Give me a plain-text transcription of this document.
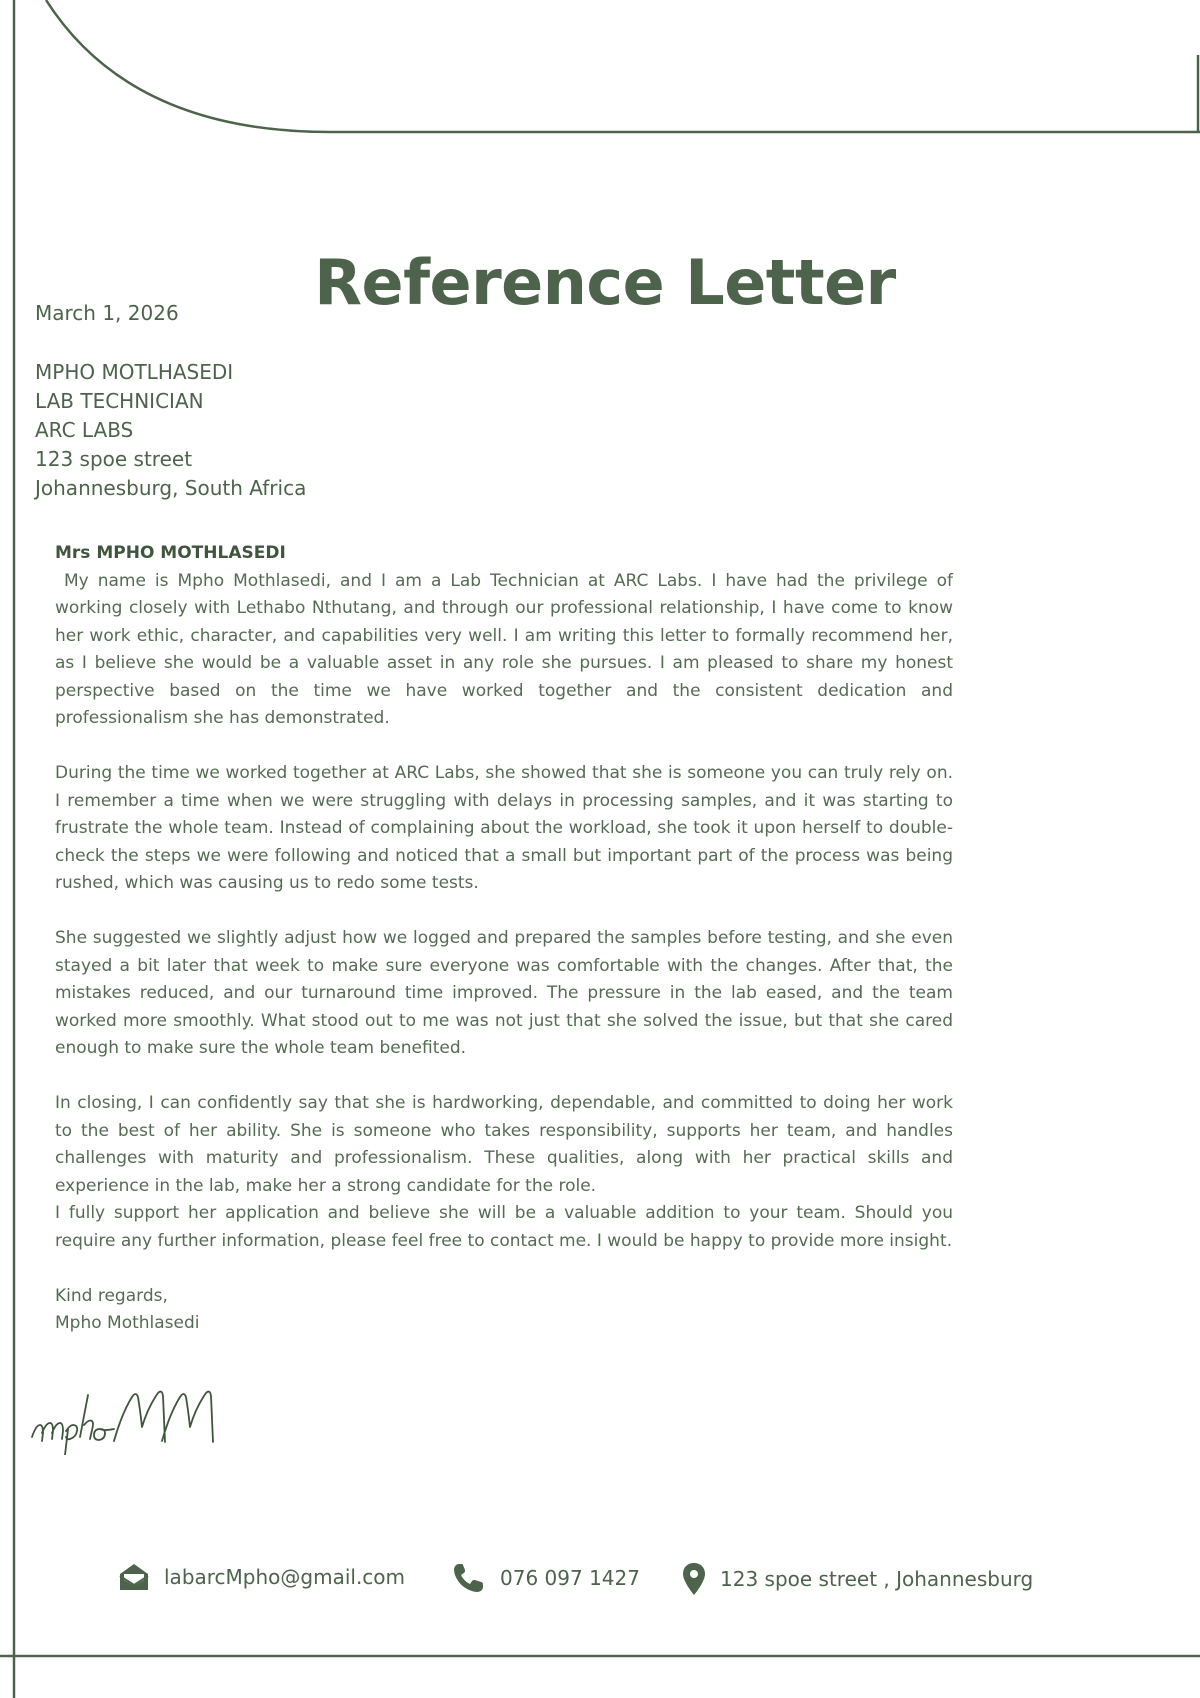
Reference Letter
March 1, 2026
MPHO MOTLHASEDI
LAB TECHNICIAN
ARC LABS
123 spoe street
Johannesburg, South Africa
Mrs MPHO MOTHLASEDI

My name is Mpho Mothlasedi, and I am a Lab Technician at ARC Labs. I have had the privilege of working closely with Lethabo Nthutang, and through our professional relationship, I have come to know her work ethic, character, and capabilities very well. I am writing this letter to formally recommend her, as I believe she would be a valuable asset in any role she pursues. I am pleased to share my honest perspective based on the time we have worked together and the consistent dedication and professionalism she has demonstrated.

During the time we worked together at ARC Labs, she showed that she is someone you can truly rely on. I remember a time when we were struggling with delays in processing samples, and it was starting to frustrate the whole team. Instead of complaining about the workload, she took it upon herself to double-check the steps we were following and noticed that a small but important part of the process was being rushed, which was causing us to redo some tests.

She suggested we slightly adjust how we logged and prepared the samples before testing, and she even stayed a bit later that week to make sure everyone was comfortable with the changes. After that, the mistakes reduced, and our turnaround time improved. The pressure in the lab eased, and the team worked more smoothly. What stood out to me was not just that she solved the issue, but that she cared enough to make sure the whole team benefited.

In closing, I can confidently say that she is hardworking, dependable, and committed to doing her work to the best of her ability. She is someone who takes responsibility, supports her team, and handles challenges with maturity and professionalism. These qualities, along with her practical skills and experience in the lab, make her a strong candidate for the role.

I fully support her application and believe she will be a valuable addition to your team. Should you require any further information, please feel free to contact me. I would be happy to provide more insight.

Kind regards,
Mpho Mothlasedi
labarcMpho@gmail.com	076 097 1427	123 spoe street , Johannesburg
